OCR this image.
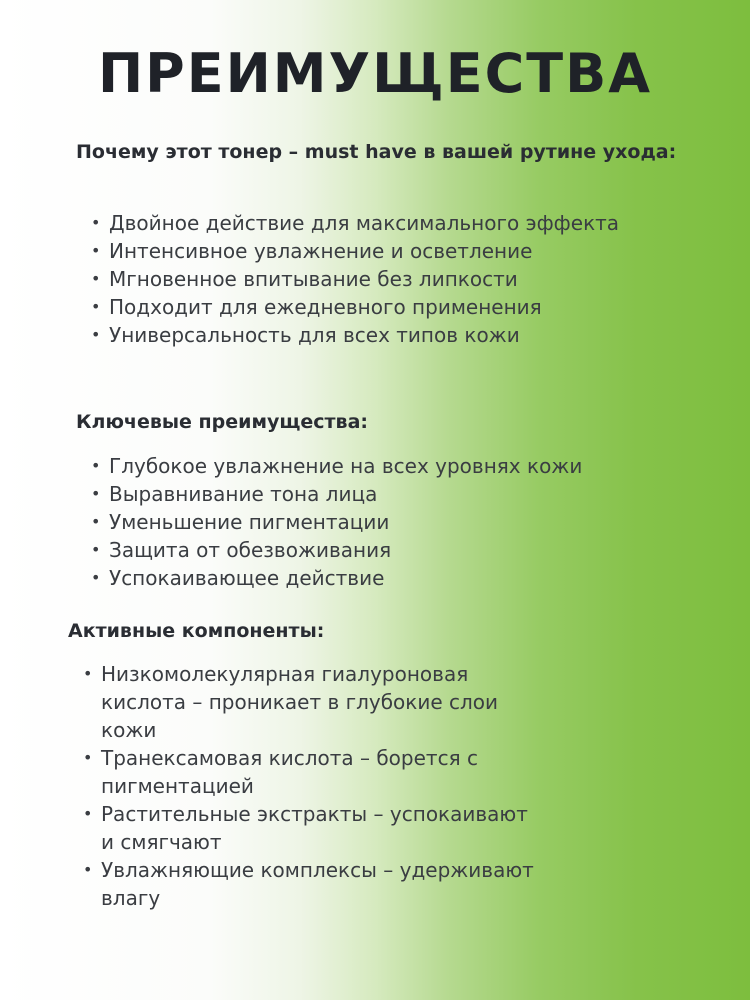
ПРЕИМУЩЕСТВА
Почему этот тонер – must have в вашей рутине ухода:
• Двойное действие для максимального эффекта
• Интенсивное увлажнение и осветление
• Мгновенное впитывание без липкости
• Подходит для ежедневного применения
• Универсальность для всех типов кожи
Ключевые преимущества:
• Глубокое увлажнение на всех уровнях кожи
• Выравнивание тона лица
• Уменьшение пигментации
• Защита от обезвоживания
• Успокаивающее действие
Активные компоненты:
• Низкомолекулярная гиалуроновая кислота – проникает в глубокие слои кожи
• Транексамовая кислота – борется с пигментацией
• Растительные экстракты – успокаивают и смягчают
• Увлажняющие комплексы – удерживают влагу
